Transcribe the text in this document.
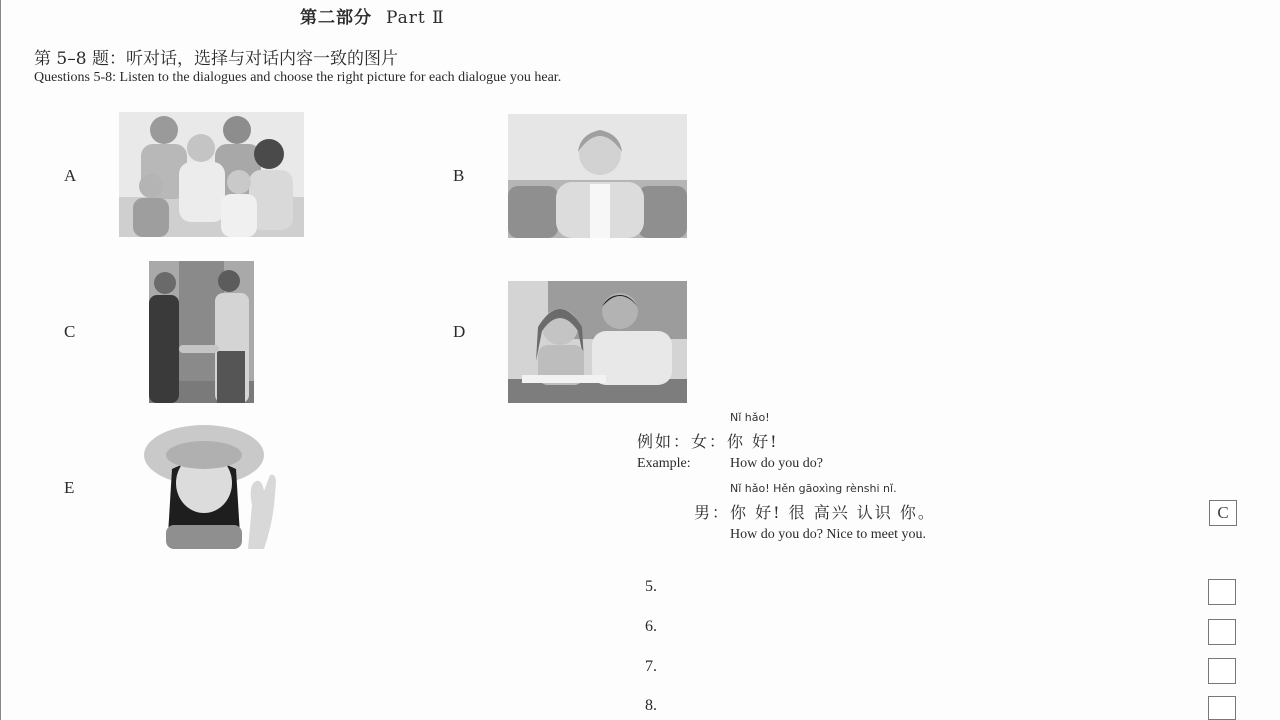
第二部分 Part Ⅱ
第 5–8 题：听对话，选择与对话内容一致的图片
Questions 5-8: Listen to the dialogues and choose the right picture for each dialogue you hear.
A	B
C	D
E
Nǐ hǎo!
例如：女：你 好!
Example:	How do you do?
Nǐ hǎo! Hěn gāoxìng rènshi nǐ.
男：你 好! 很 高兴 认识 你。
How do you do? Nice to meet you.
C
5.
6.
7.
8.
